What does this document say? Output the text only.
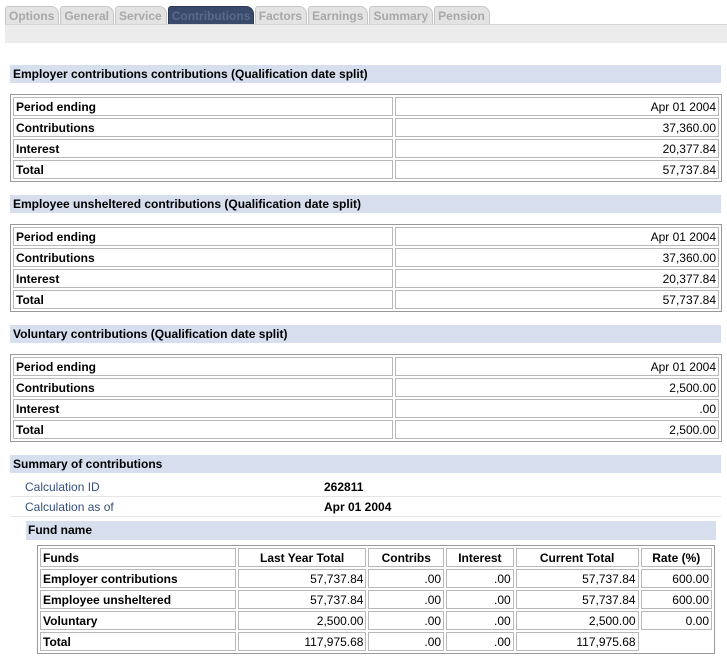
Options General Service Contributions Factors Earnings Summary Pension
Employer contributions contributions (Qualification date split)
Period ending	Apr 01 2004
Contributions	37,360.00
Interest	20,377.84
Total	57,737.84
Employee unsheltered contributions (Qualification date split)
Period ending	Apr 01 2004
Contributions	37,360.00
Interest	20,377.84
Total	57,737.84
Voluntary contributions (Qualification date split)
Period ending	Apr 01 2004
Contributions	2,500.00
Interest	.00
Total	2,500.00
Summary of contributions
Calculation ID	262811
Calculation as of	Apr 01 2004
Fund name
Funds	Last Year Total	Contribs	Interest	Current Total	Rate (%)
Employer contributions	57,737.84	.00	.00	57,737.84	600.00
Employee unsheltered	57,737.84	.00	.00	57,737.84	600.00
Voluntary	2,500.00	.00	.00	2,500.00	0.00
Total	117,975.68	.00	.00	117,975.68	
